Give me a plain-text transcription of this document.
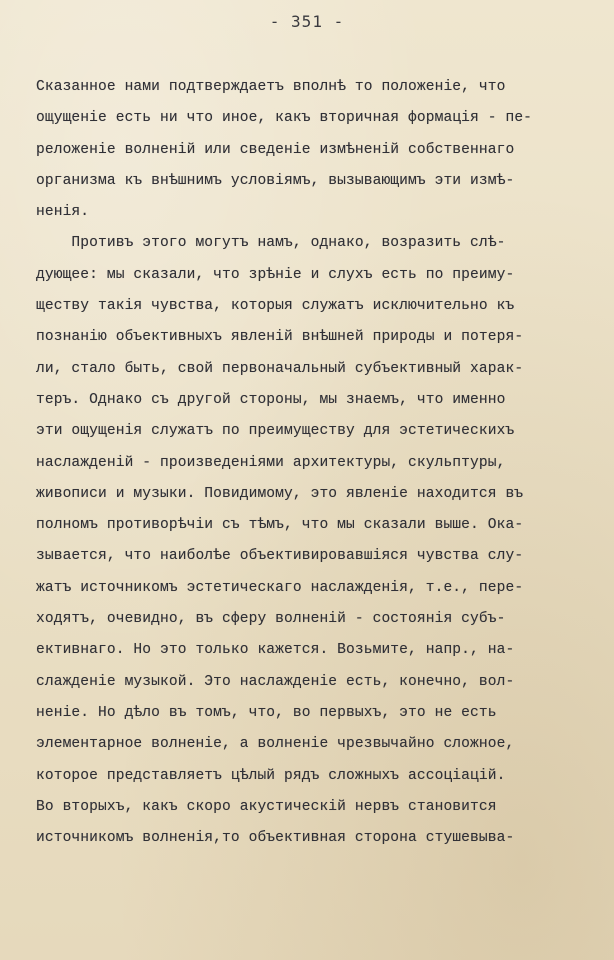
- 351 -
Сказанное нами подтверждаетъ вполнѣ то положенiе, что
ощущенiе есть ни что иное, какъ вторичная формацiя - пе-
реложенiе волненiй или сведенiе измѣненiй собственнаго
организма къ внѣшнимъ условiямъ, вызывающимъ эти измѣ-
ненiя.
Противъ этого могутъ намъ, однако, возразить слѣ-
дующее: мы сказали, что зрѣнiе и слухъ есть по преиму-
ществу такiя чувства, которыя служатъ исключительно къ
познанiю объективныхъ явленiй внѣшней природы и потеря-
ли, стало быть, свой первоначальный субъективный харак-
теръ. Однако съ другой стороны, мы знаемъ, что именно
эти ощущенiя служатъ по преимуществу для эстетическихъ
наслажденiй - произведенiями архитектуры, скульптуры,
живописи и музыки. Повидимому, это явленiе находится въ
полномъ противорѣчiи съ тѣмъ, что мы сказали выше. Ока-
зывается, что наиболѣе объективировавшiяся чувства слу-
жатъ источникомъ эстетическаго наслажденiя, т.е., пере-
ходятъ, очевидно, въ сферу волненiй - состоянiя субъ-
ективнаго. Но это только кажется. Возьмите, напр., на-
слажденiе музыкой. Это наслажденiе есть, конечно, вол-
ненiе. Но дѣло въ томъ, что, во первыхъ, это не есть
элементарное волненiе, а волненiе чрезвычайно сложное,
которое представляетъ цѣлый рядъ сложныхъ ассоцiацiй.
Во вторыхъ, какъ скоро акустическiй нервъ становится
источникомъ волненiя,то объективная сторона стушевыва-
